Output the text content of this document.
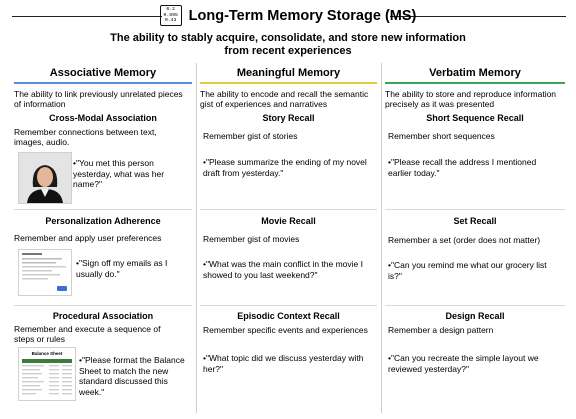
0.2
0.895
0.43 Long-Term Memory Storage (MS)
The ability to stably acquire, consolidate, and store new information
from recent experiences
Associative Memory	Meaningful Memory	Verbatim Memory
The ability to link previously unrelated pieces of information
The ability to encode and recall the semantic gist of experiences and narratives
The ability to store and reproduce information precisely as it was presented
Cross-Modal Association
Remember connections between text, images, audio.
•"You met this person yesterday, what was her name?"
Personalization Adherence
Remember and apply user preferences
•"Sign off my emails as I usually do."
Procedural Association
Remember and execute a sequence of steps or rules
Balance Sheet
•"Please format the Balance Sheet to match the new standard discussed this week."
Story Recall
Remember gist of stories
•"Please summarize the ending of my novel draft from yesterday."
Movie Recall
Remember gist of movies
•"What was the main conflict in the movie I showed to you last weekend?"
Episodic Context Recall
Remember specific events and experiences
•"What topic did we discuss yesterday with her?"
Short Sequence Recall
Remember short sequences
•"Please recall the address I mentioned earlier today."
Set Recall
Remember a set (order does not matter)
•"Can you remind me what our grocery list is?"
Design Recall
Remember a design pattern
•"Can you recreate the simple layout we reviewed yesterday?"
